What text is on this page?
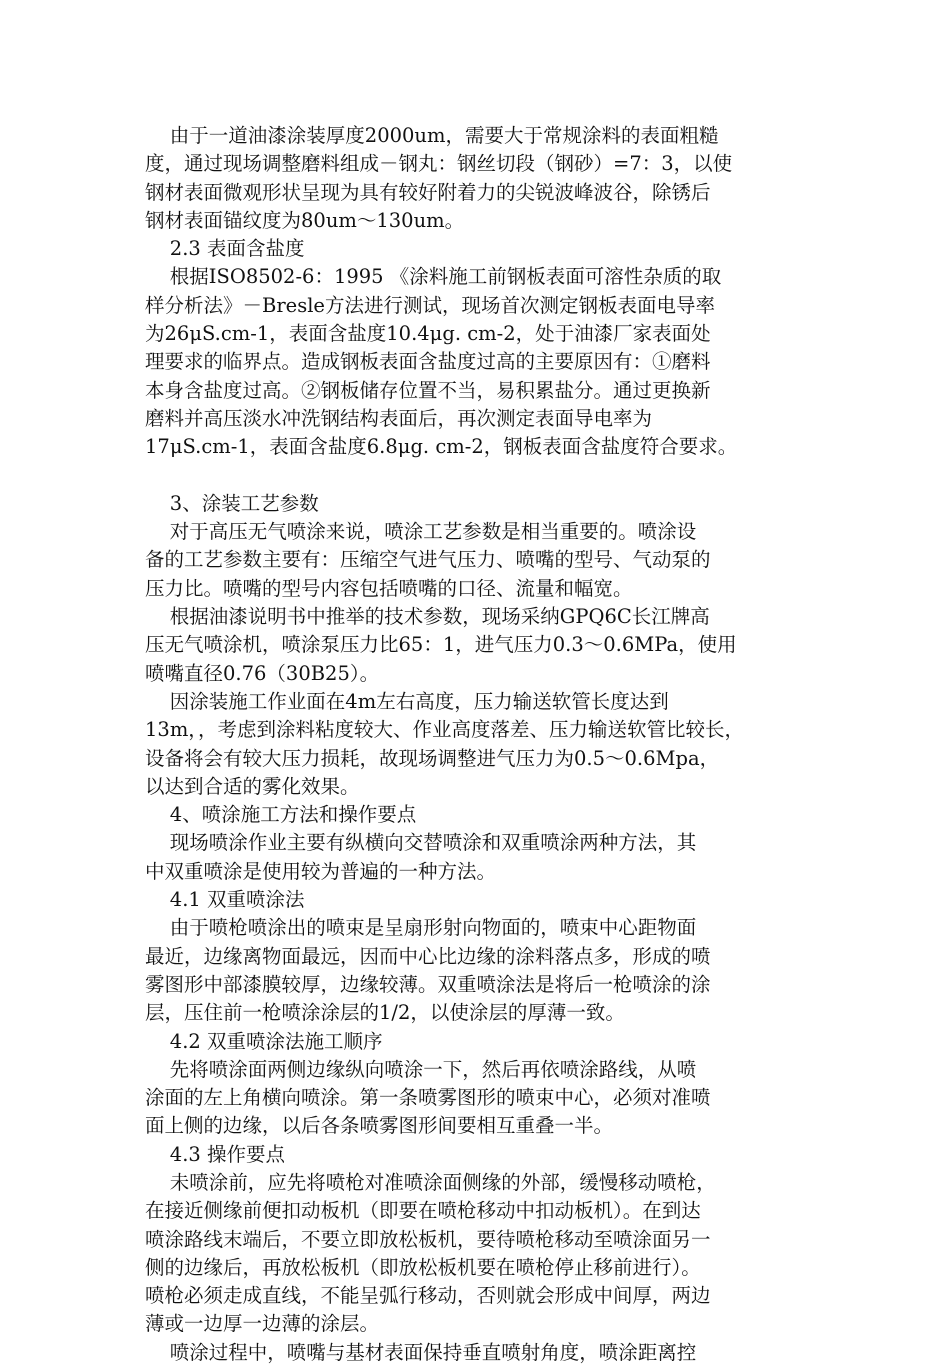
由于一道油漆涂装厚度2000um，需要大于常规涂料的表面粗糙
度，通过现场调整磨料组成－钢丸：钢丝切段（钢砂）=7：3，以使
钢材表面微观形状呈现为具有较好附着力的尖锐波峰波谷，除锈后
钢材表面锚纹度为80um～130um。
2.3 表面含盐度
根据ISO8502-6：1995 《涂料施工前钢板表面可溶性杂质的取
样分析法》－Bresle方法进行测试，现场首次测定钢板表面电导率
为26μS.cm-1，表面含盐度10.4μg. cm-2，处于油漆厂家表面处
理要求的临界点。造成钢板表面含盐度过高的主要原因有：①磨料
本身含盐度过高。②钢板储存位置不当，易积累盐分。通过更换新
磨料并高压淡水冲洗钢结构表面后，再次测定表面导电率为
17μS.cm-1，表面含盐度6.8μg. cm-2，钢板表面含盐度符合要求。
3、涂装工艺参数
对于高压无气喷涂来说，喷涂工艺参数是相当重要的。喷涂设
备的工艺参数主要有：压缩空气进气压力、喷嘴的型号、气动泵的
压力比。喷嘴的型号内容包括喷嘴的口径、流量和幅宽。
根据油漆说明书中推举的技术参数，现场采纳GPQ6C长江牌高
压无气喷涂机，喷涂泵压力比65：1，进气压力0.3～0.6MPa，使用
喷嘴直径0.76（30B25）。
因涂装施工作业面在4m左右高度，压力输送软管长度达到
13m，，考虑到涂料粘度较大、作业高度落差、压力输送软管比较长，
设备将会有较大压力损耗，故现场调整进气压力为0.5～0.6Mpa，
以达到合适的雾化效果。
4、喷涂施工方法和操作要点
现场喷涂作业主要有纵横向交替喷涂和双重喷涂两种方法，其
中双重喷涂是使用较为普遍的一种方法。
4.1 双重喷涂法
由于喷枪喷涂出的喷束是呈扇形射向物面的，喷束中心距物面
最近，边缘离物面最远，因而中心比边缘的涂料落点多，形成的喷
雾图形中部漆膜较厚，边缘较薄。双重喷涂法是将后一枪喷涂的涂
层，压住前一枪喷涂涂层的1/2，以使涂层的厚薄一致。
4.2 双重喷涂法施工顺序
先将喷涂面两侧边缘纵向喷涂一下，然后再依喷涂路线，从喷
涂面的左上角横向喷涂。第一条喷雾图形的喷束中心，必须对准喷
面上侧的边缘，以后各条喷雾图形间要相互重叠一半。
4.3 操作要点
未喷涂前，应先将喷枪对准喷涂面侧缘的外部，缓慢移动喷枪，
在接近侧缘前便扣动板机（即要在喷枪移动中扣动板机）。在到达
喷涂路线末端后，不要立即放松板机，要待喷枪移动至喷涂面另一
侧的边缘后，再放松板机（即放松板机要在喷枪停止移前进行）。
喷枪必须走成直线，不能呈弧行移动，否则就会形成中间厚，两边
薄或一边厚一边薄的涂层。
喷涂过程中，喷嘴与基材表面保持垂直喷射角度，喷涂距离控
